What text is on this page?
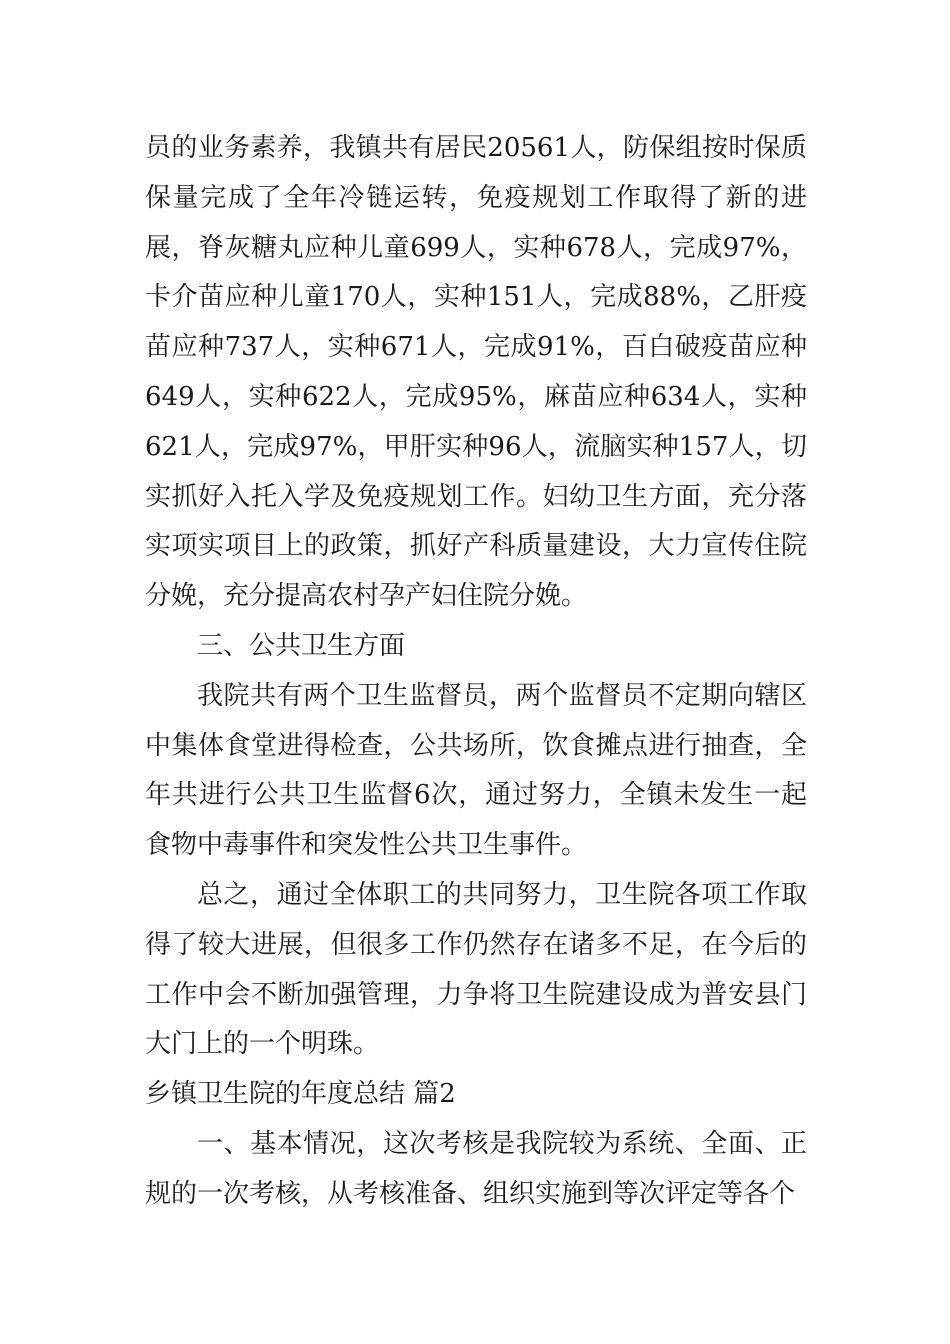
员的业务素养，我镇共有居民20561人，防保组按时保质保量完成了全年冷链运转，免疫规划工作取得了新的进展，脊灰糖丸应种儿童699人，实种678人，完成97%，卡介苗应种儿童170人，实种151人，完成88%，乙肝疫苗应种737人，实种671人，完成91%，百白破疫苗应种649人，实种622人，完成95%，麻苗应种634人，实种621人，完成97%，甲肝实种96人，流脑实种157人，切实抓好入托入学及免疫规划工作。妇幼卫生方面，充分落实项实项目上的政策，抓好产科质量建设，大力宣传住院分娩，充分提高农村孕产妇住院分娩。

三、公共卫生方面

我院共有两个卫生监督员，两个监督员不定期向辖区中集体食堂进得检查，公共场所，饮食摊点进行抽查，全年共进行公共卫生监督6次，通过努力，全镇未发生一起食物中毒事件和突发性公共卫生事件。

总之，通过全体职工的共同努力，卫生院各项工作取得了较大进展，但很多工作仍然存在诸多不足，在今后的工作中会不断加强管理，力争将卫生院建设成为普安县门大门上的一个明珠。

乡镇卫生院的年度总结 篇2

一、基本情况，这次考核是我院较为系统、全面、正规的一次考核，从考核准备、组织实施到等次评定等各个
